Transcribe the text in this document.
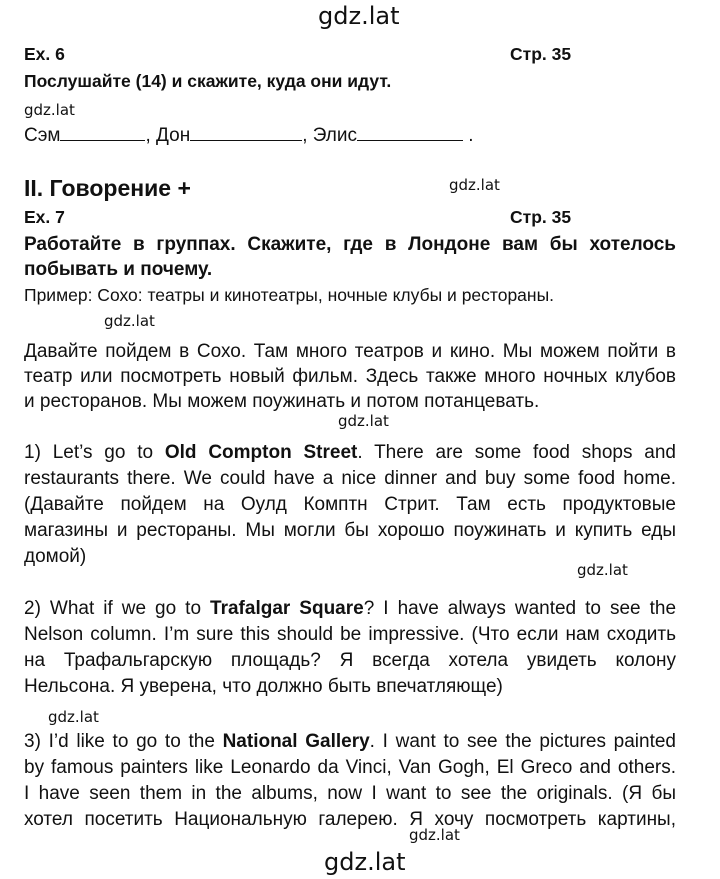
gdz.lat
gdz.lat
gdz.lat
gdz.lat
gdz.lat
gdz.lat
gdz.lat
gdz.lat
gdz.lat
Ex. 6	Стр. 35
Послушайте (14) и скажите, куда они идут.
Сэм	, Дон	, Элис	.
II. Говорение +
Ex. 7	Стр. 35
Работайте в группах. Скажите, где в Лондоне вам бы хотелось
побывать и почему.
Пример: Сохо: театры и кинотеатры, ночные клубы и рестораны.
Давайте пойдем в Сохо. Там много театров и кино. Мы можем пойти в
театр или посмотреть новый фильм. Здесь также много ночных клубов
и ресторанов. Мы можем поужинать и потом потанцевать.
1) Let’s go to Old Compton Street. There are some food shops and
restaurants there. We could have a nice dinner and buy some food home.
(Давайте пойдем на Оулд Комптн Стрит. Там есть продуктовые
магазины и рестораны. Мы могли бы хорошо поужинать и купить еды
домой)
2) What if we go to Trafalgar Square? I have always wanted to see the
Nelson column. I’m sure this should be impressive. (Что если нам сходить
на Трафальгарскую площадь? Я всегда хотела увидеть колону
Нельсона. Я уверена, что должно быть впечатляюще)
3) I’d like to go to the National Gallery. I want to see the pictures painted
by famous painters like Leonardo da Vinci, Van Gogh, El Greco and others.
I have seen them in the albums, now I want to see the originals. (Я бы
хотел посетить Национальную галерею. Я хочу посмотреть картины,
